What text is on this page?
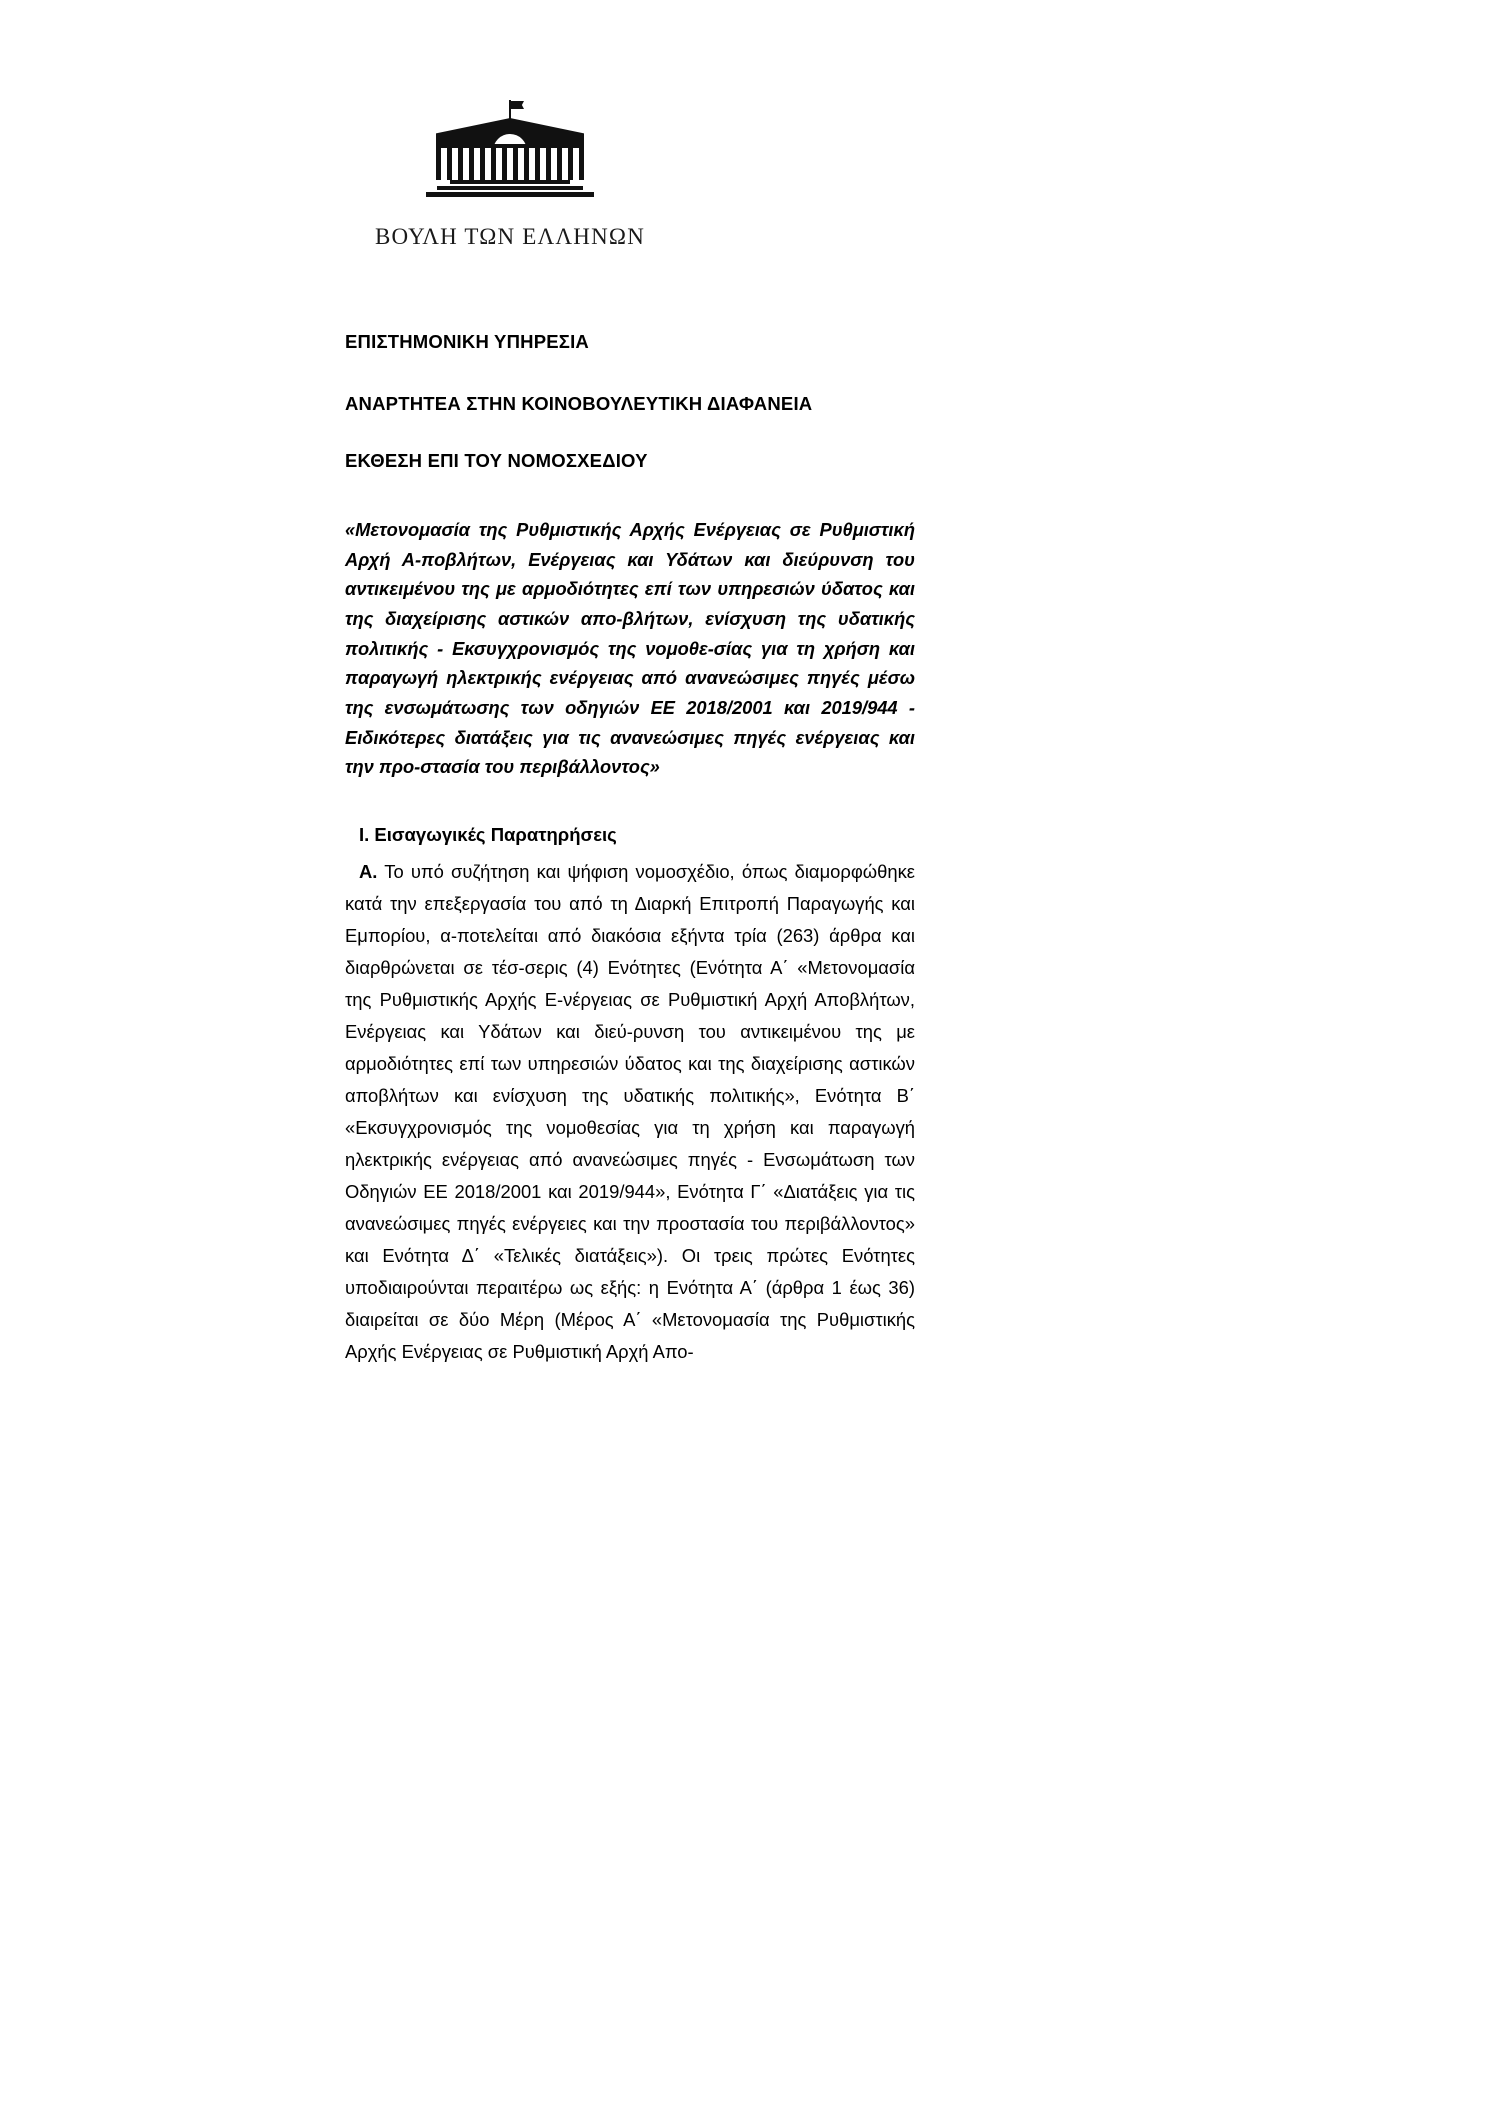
ΒΟΥΛΗ ΤΩΝ ΕΛΛΗΝΩΝ

ΕΠΙΣΤΗΜΟΝΙΚΗ ΥΠΗΡΕΣΙΑ

ΑΝΑΡΤΗΤΕΑ ΣΤΗΝ ΚΟΙΝΟΒΟΥΛΕΥΤΙΚΗ ΔΙΑΦΑΝΕΙΑ

ΕΚΘΕΣΗ ΕΠΙ ΤΟΥ ΝΟΜΟΣΧΕΔΙΟΥ

«Μετονομασία της Ρυθμιστικής Αρχής Ενέργειας σε Ρυθμιστική Αρχή Α-ποβλήτων, Ενέργειας και Υδάτων και διεύρυνση του αντικειμένου της με αρμοδιότητες επί των υπηρεσιών ύδατος και της διαχείρισης αστικών απο-βλήτων, ενίσχυση της υδατικής πολιτικής - Εκσυγχρονισμός της νομοθε-σίας για τη χρήση και παραγωγή ηλεκτρικής ενέργειας από ανανεώσιμες πηγές μέσω της ενσωμάτωσης των οδηγιών ΕΕ 2018/2001 και 2019/944 - Ειδικότερες διατάξεις για τις ανανεώσιμες πηγές ενέργειας και την προ-στασία του περιβάλλοντος»

Ι. Εισαγωγικές Παρατηρήσεις

Α. Το υπό συζήτηση και ψήφιση νομοσχέδιο, όπως διαμορφώθηκε κατά την επεξεργασία του από τη Διαρκή Επιτροπή Παραγωγής και Εμπορίου, α-ποτελείται από διακόσια εξήντα τρία (263) άρθρα και διαρθρώνεται σε τέσ-σερις (4) Ενότητες (Ενότητα Α΄ «Μετονομασία της Ρυθμιστικής Αρχής Ε-νέργειας σε Ρυθμιστική Αρχή Αποβλήτων, Ενέργειας και Υδάτων και διεύ-ρυνση του αντικειμένου της με αρμοδιότητες επί των υπηρεσιών ύδατος και της διαχείρισης αστικών αποβλήτων και ενίσχυση της υδατικής πολιτικής», Ενότητα Β΄ «Εκσυγχρονισμός της νομοθεσίας για τη χρήση και παραγωγή ηλεκτρικής ενέργειας από ανανεώσιμες πηγές - Ενσωμάτωση των Οδηγιών ΕΕ 2018/2001 και 2019/944», Ενότητα Γ΄ «Διατάξεις για τις ανανεώσιμες πηγές ενέργειες και την προστασία του περιβάλλοντος» και Ενότητα Δ΄ «Τελικές διατάξεις»). Οι τρεις πρώτες Ενότητες υποδιαιρούνται περαιτέρω ως εξής: η Ενότητα Α΄ (άρθρα 1 έως 36) διαιρείται σε δύο Μέρη (Μέρος Α΄ «Μετονομασία της Ρυθμιστικής Αρχής Ενέργειας σε Ρυθμιστική Αρχή Απο-
